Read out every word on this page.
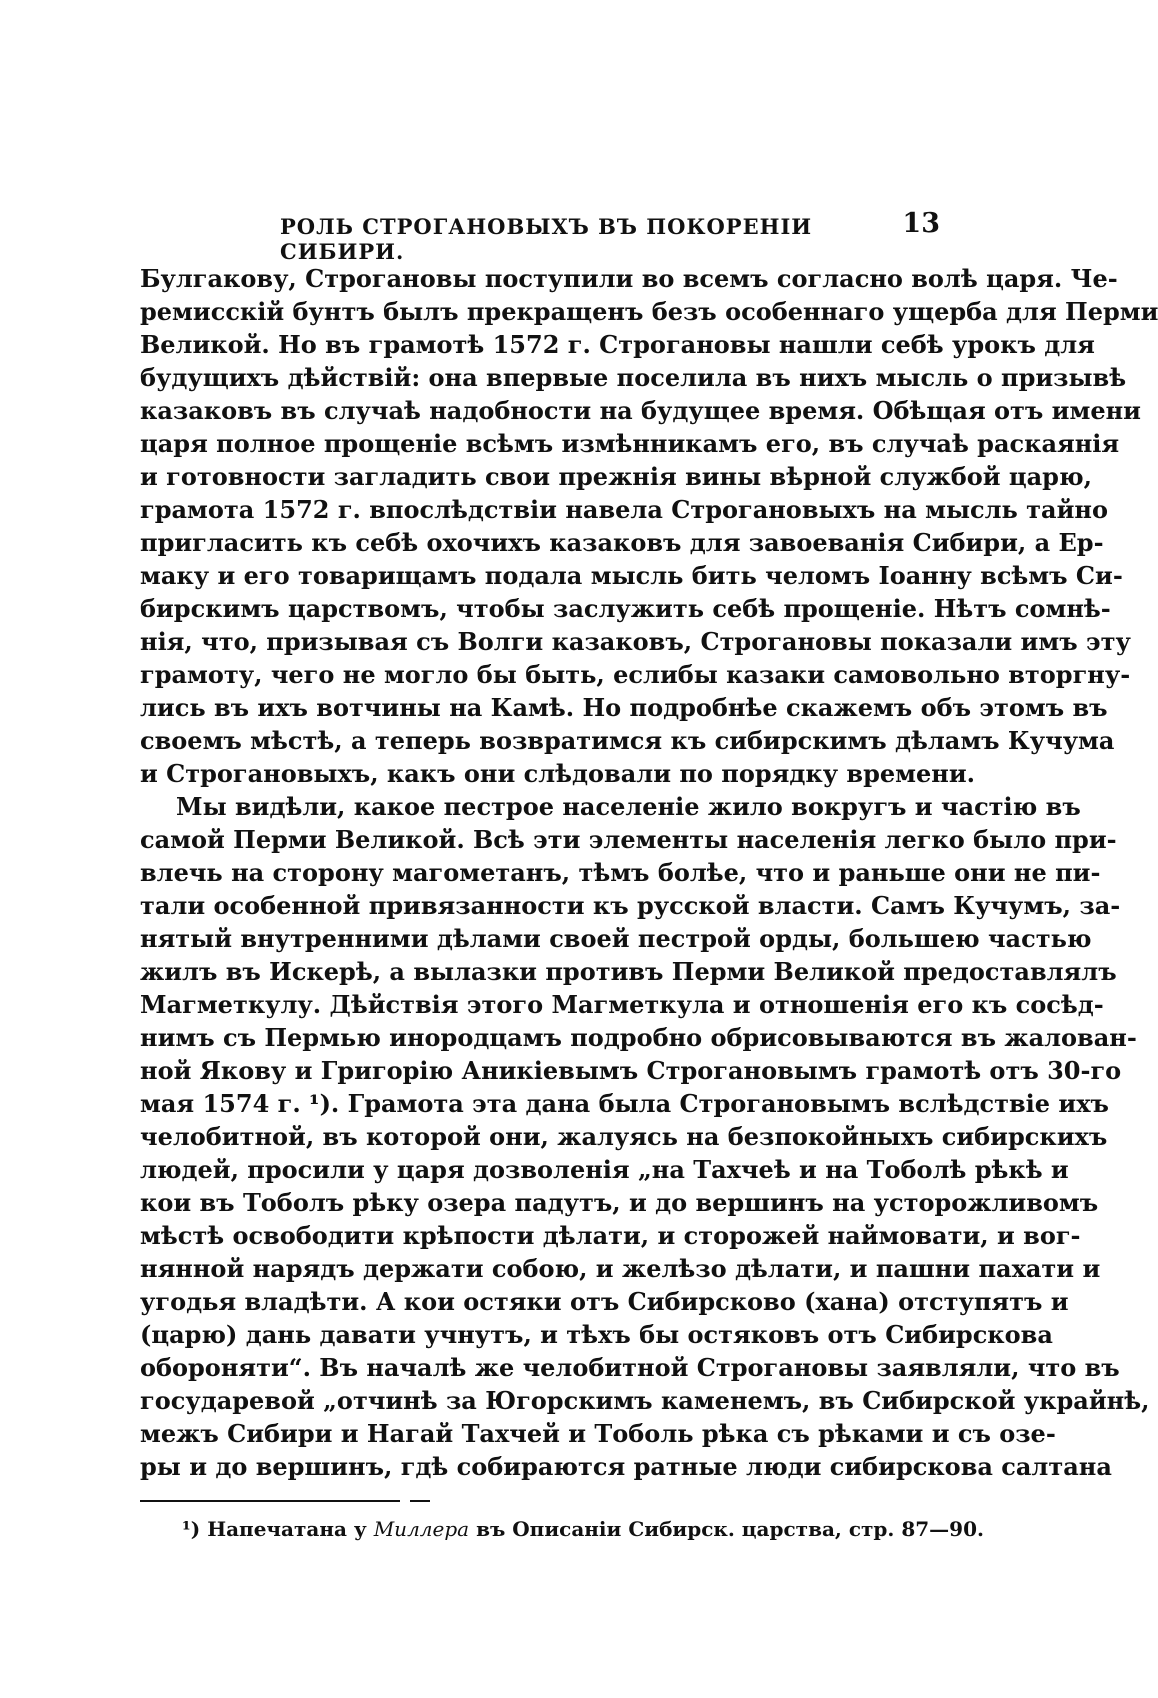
РОЛЬ СТРОГАНОВЫХЪ ВЪ ПОКОРЕНIИ СИБИРИ.
13
Булгакову, Строгановы поступили во всемъ согласно волѣ царя. Че-
ремисскій бунтъ былъ прекращенъ безъ особеннаго ущерба для Перми
Великой. Но въ грамотѣ 1572 г. Строгановы нашли себѣ урокъ для
будущихъ дѣйствій: она впервые поселила въ нихъ мысль о призывѣ
казаковъ въ случаѣ надобности на будущее время. Обѣщая отъ имени
царя полное прощеніе всѣмъ измѣнникамъ его, въ случаѣ раскаянія
и готовности загладить свои прежнія вины вѣрной службой царю,
грамота 1572 г. впослѣдствіи навела Строгановыхъ на мысль тайно
пригласить къ себѣ охочихъ казаковъ для завоеванія Сибири, а Ер-
маку и его товарищамъ подала мысль бить челомъ Іоанну всѣмъ Си-
бирскимъ царствомъ, чтобы заслужить себѣ прощеніе. Нѣтъ сомнѣ-
нія, что, призывая съ Волги казаковъ, Строгановы показали имъ эту
грамоту, чего не могло бы быть, еслибы казаки самовольно вторгну-
лись въ ихъ вотчины на Камѣ. Но подробнѣе скажемъ объ этомъ въ
своемъ мѣстѣ, а теперь возвратимся къ сибирскимъ дѣламъ Кучума
и Строгановыхъ, какъ они слѣдовали по порядку времени.
Мы видѣли, какое пестрое населеніе жило вокругъ и частію въ
самой Перми Великой. Всѣ эти элементы населенія легко было при-
влечь на сторону магометанъ, тѣмъ болѣе, что и раньше они не пи-
тали особенной привязанности къ русской власти. Самъ Кучумъ, за-
нятый внутренними дѣлами своей пестрой орды, большею частью
жилъ въ Искерѣ, а вылазки противъ Перми Великой предоставлялъ
Магметкулу. Дѣйствія этого Магметкула и отношенія его къ сосѣд-
нимъ съ Пермью инородцамъ подробно обрисовываются въ жалован-
ной Якову и Григорію Аникіевымъ Строгановымъ грамотѣ отъ 30-го
мая 1574 г. ¹). Грамота эта дана была Строгановымъ вслѣдствіе ихъ
челобитной, въ которой они, жалуясь на безпокойныхъ сибирскихъ
людей, просили у царя дозволенія „на Тахчеѣ и на Тоболѣ рѣкѣ и
кои въ Тоболъ рѣку озера падутъ, и до вершинъ на усторожливомъ
мѣстѣ освободити крѣпости дѣлати, и сторожей наймовати, и вог-
нянной нарядъ держати собою, и желѣзо дѣлати, и пашни пахати и
угодья владѣти. А кои остяки отъ Сибирсково (хана) отступятъ и
(царю) дань давати учнутъ, и тѣхъ бы остяковъ отъ Сибирскова
обороняти“. Въ началѣ же челобитной Строгановы заявляли, что въ
государевой „отчинѣ за Югорскимъ каменемъ, въ Сибирской украйнѣ,
межъ Сибири и Нагай Тахчей и Тоболь рѣка съ рѣками и съ озе-
ры и до вершинъ, гдѣ собираются ратные люди сибирскова салтана
¹) Напечатана у Миллера въ Описаніи Сибирск. царства, стр. 87—90.
